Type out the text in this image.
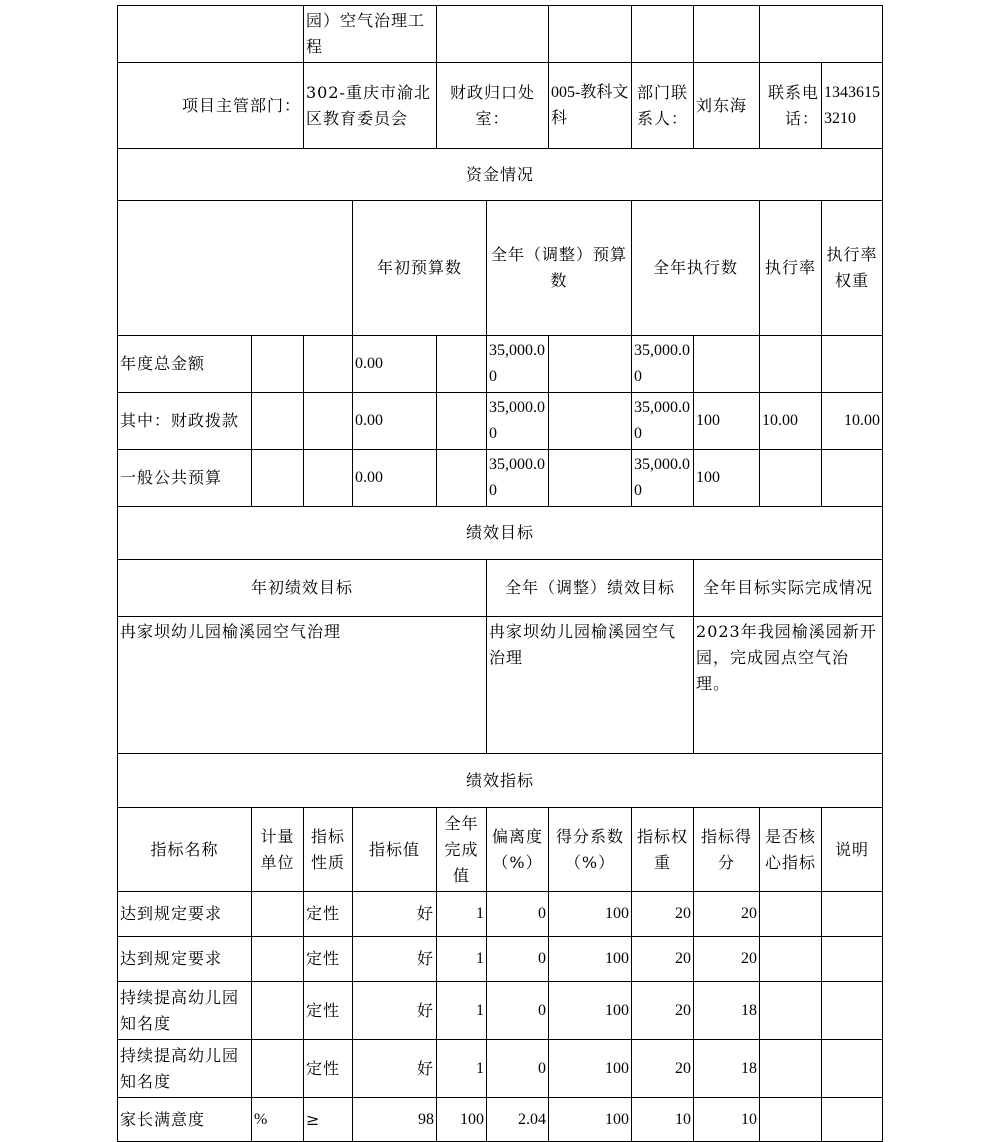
		园）空气治理工程									
项目主管部门：		302-重庆市渝北区教育委员会		财政归口处室：		005-教科文科	部门联系人：	刘东海	联系电话：	13436153210	
资金情况											
			年初预算数		全年（调整）预算数		全年执行数		执行率	执行率权重	
年度总金额			0.00		35,000.00		35,000.00				
其中：财政拨款			0.00		35,000.00		35,000.00	100	10.00	10.00	
一般公共预算			0.00		35,000.00		35,000.00	100			
绩效目标											
年初绩效目标					全年（调整）绩效目标			全年目标实际完成情况			
冉家坝幼儿园榆溪园空气治理					冉家坝幼儿园榆溪园空气治理			2023年我园榆溪园新开园，完成园点空气治理。			
绩效指标											
指标名称	计量单位	指标性质	指标值	全年完成值	偏离度（%）	得分系数（%）	指标权重	指标得分	是否核心指标	说明	
达到规定要求		定性	好	1	0	100	20	20			
达到规定要求		定性	好	1	0	100	20	20			
持续提高幼儿园知名度		定性	好	1	0	100	20	18			
持续提高幼儿园知名度		定性	好	1	0	100	20	18			
家长满意度	%	≥	98	100	2.04	100	10	10			
